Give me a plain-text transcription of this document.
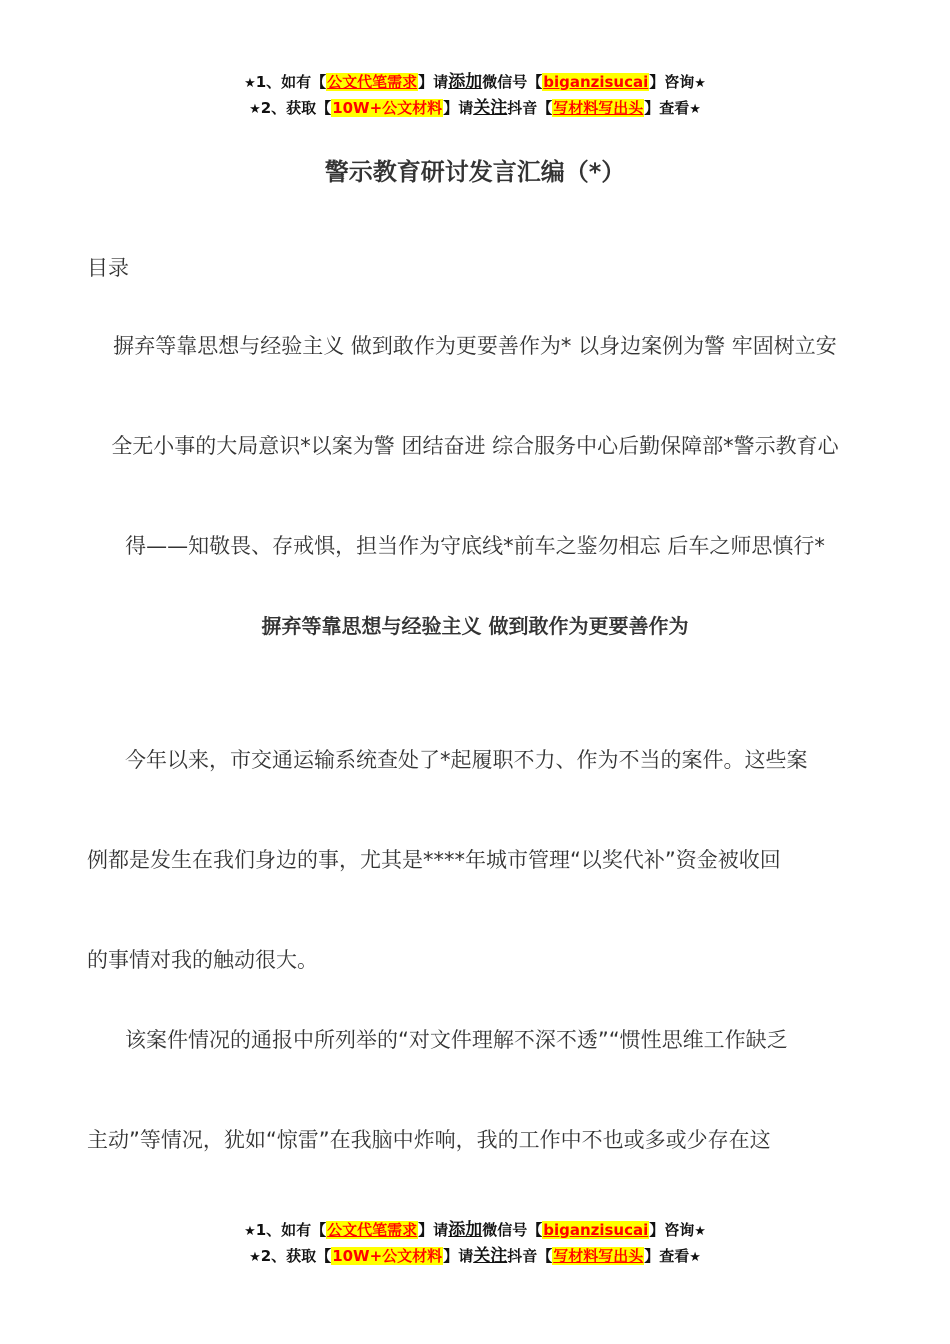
★1、如有【公文代笔需求】请添加微信号【biganzisucai】咨询★
★2、获取【10W+公文材料】请关注抖音【写材料写出头】查看★
警示教育研讨发言汇编（*）
目录
摒弃等靠思想与经验主义 做到敢作为更要善作为* 以身边案例为警 牢固树立安
全无小事的大局意识*以案为警 团结奋进 综合服务中心后勤保障部*警示教育心
得——知敬畏、存戒惧，担当作为守底线*前车之鉴勿相忘 后车之师思慎行*
摒弃等靠思想与经验主义 做到敢作为更要善作为
今年以来，市交通运输系统查处了*起履职不力、作为不当的案件。这些案
例都是发生在我们身边的事，尤其是****年城市管理“以奖代补”资金被收回
的事情对我的触动很大。
该案件情况的通报中所列举的“对文件理解不深不透”“惯性思维工作缺乏
主动”等情况，犹如“惊雷”在我脑中炸响，我的工作中不也或多或少存在这
★1、如有【公文代笔需求】请添加微信号【biganzisucai】咨询★
★2、获取【10W+公文材料】请关注抖音【写材料写出头】查看★
